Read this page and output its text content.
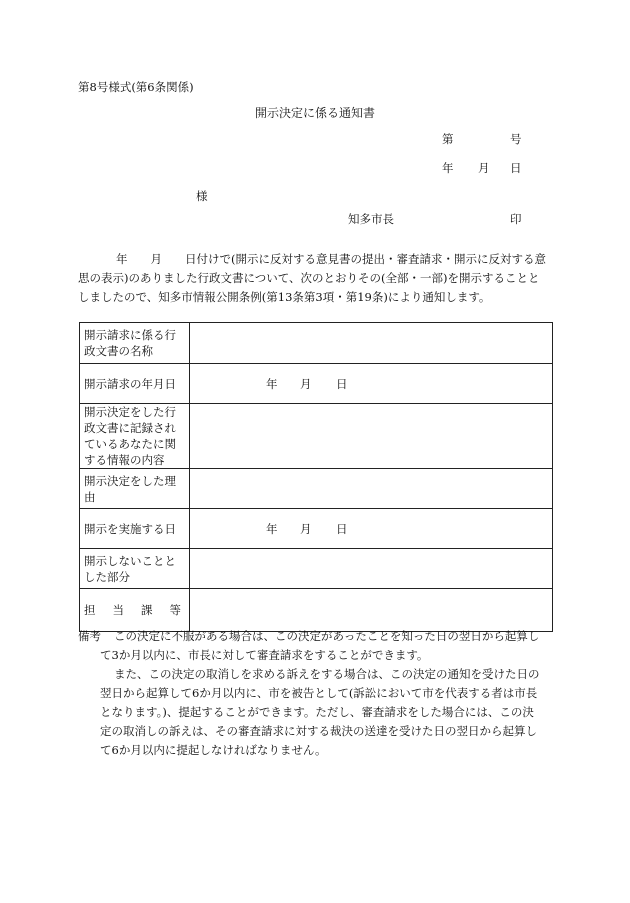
第8号様式(第6条関係)
開示決定に係る通知書
第	号
年 月 日
様
知多市長	印

年　　月　　日付けで(開示に反対する意見書の提出・審査請求・開示に反対する意

思の表示)のありました行政文書について、次のとおりその(全部・一部)を開示することと

しましたので、知多市情報公開条例(第13条第3項・第19条)により通知します。

開示請求に係る行
政文書の名称	

開示請求の年月日	年 月 日

開示決定をした行
政文書に記録され
ているあなたに関
する情報の内容	

開示決定をした理
由	

開示を実施する日	年 月 日

開示しないことと
した部分	

担 当 課 等	

備考 この決定に不服がある場合は、この決定があったことを知った日の翌日から起算し

て3か月以内に、市長に対して審査請求をすることができます。

また、この決定の取消しを求める訴えをする場合は、この決定の通知を受けた日の

翌日から起算して6か月以内に、市を被告として(訴訟において市を代表する者は市長

となります。)、提起することができます。ただし、審査請求をした場合には、この決

定の取消しの訴えは、その審査請求に対する裁決の送達を受けた日の翌日から起算し

て6か月以内に提起しなければなりません。
